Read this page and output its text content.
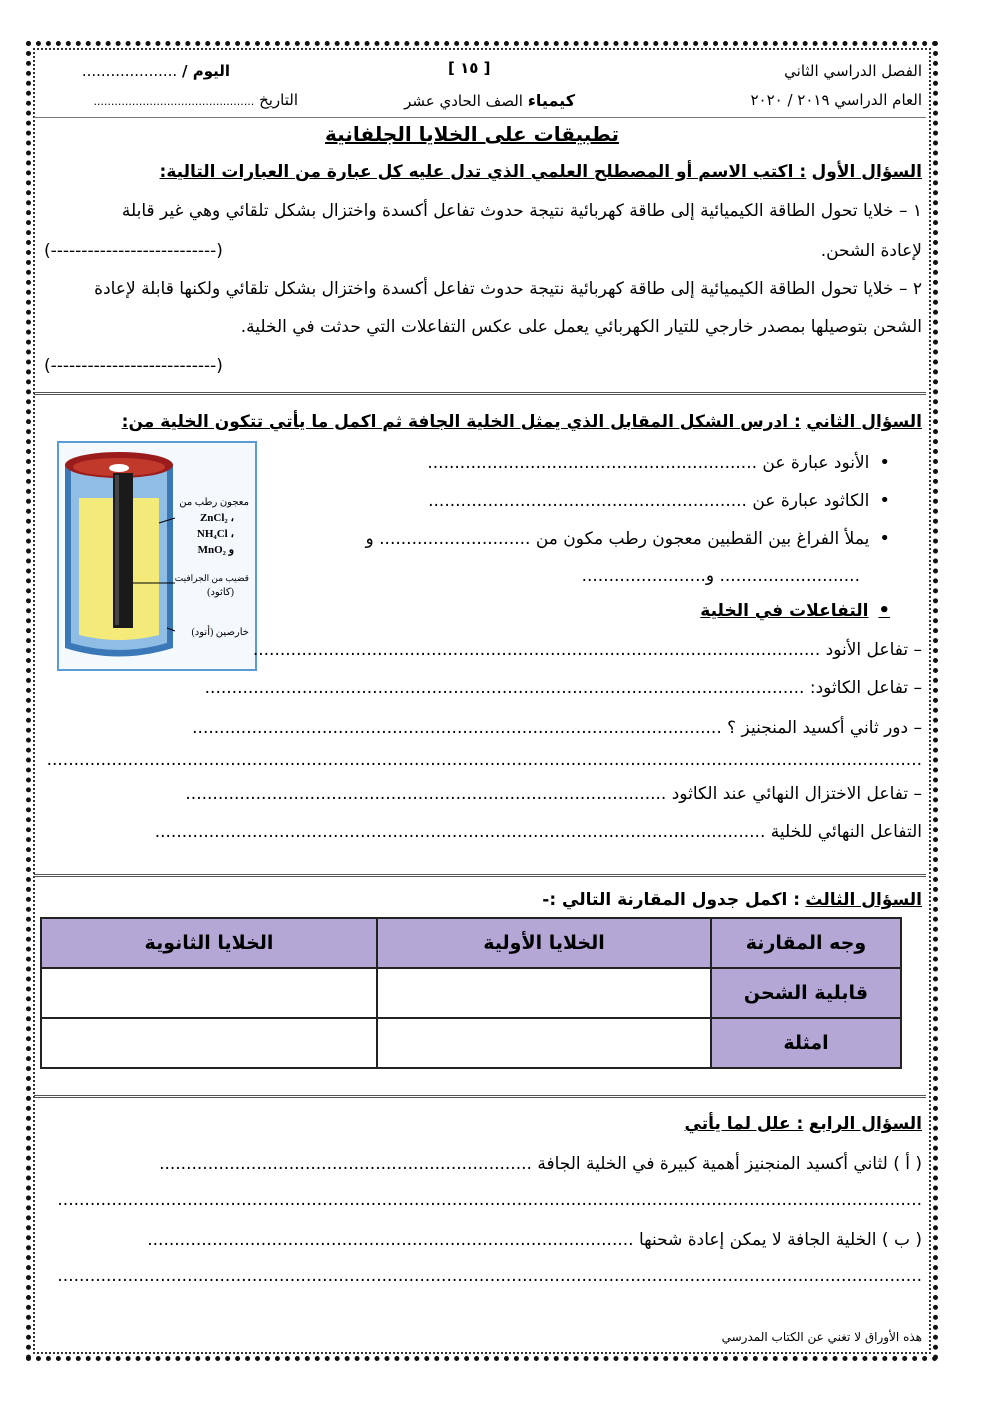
الفصل الدراسي الثاني
العام الدراسي ٢٠١٩ / ٢٠٢٠
[ ١٥ ]
كيمياء الصف الحادي عشر
اليوم / ....................
التاريخ ..............................................
تطبيقات على الخلايا الجلفانية
السؤال الأول : اكتب الاسم أو المصطلح العلمي الذي تدل عليه كل عبارة من العبارات التالية:
١ – خلايا تحول الطاقة الكيميائية إلى طاقة كهربائية نتيجة حدوث تفاعل أكسدة واختزال بشكل تلقائي وهي غير قابلة
لإعادة الشحن.
(---------------------------)
٢ – خلايا تحول الطاقة الكيميائية إلى طاقة كهربائية نتيجة حدوث تفاعل أكسدة واختزال بشكل تلقائي ولكنها قابلة لإعادة
الشحن بتوصيلها بمصدر خارجي للتيار الكهربائي يعمل على عكس التفاعلات التي حدثت في الخلية.
(---------------------------)
السؤال الثاني : ادرس الشكل المقابل الذي يمثل الخلية الجافة ثم اكمل ما يأتي تتكون الخلية من:
معجون رطب من
ZnCl₂ ،
NH₄Cl ،
MnO₂ و
قضيب من الجرافيت
(كاثود)
خارصين (أنود)
• الأنود عبارة عن .............................................................
• الكاثود عبارة عن ...........................................................
• يملأ الفراغ بين القطبين معجون رطب مكون من ............................ و
.......................... و.......................
• التفاعلات في الخلية
– تفاعل الأنود .........................................................................................................
– تفاعل الكاثود: ...............................................................................................................
– دور ثاني أكسيد المنجنيز ؟ ..................................................................................................
..................................................................................................................................................................
– تفاعل الاختزال النهائي عند الكاثود .........................................................................................
التفاعل النهائي للخلية .................................................................................................................
السؤال الثالث : اكمل جدول المقارنة التالي :-
وجه المقارنة	الخلايا الأولية	الخلايا الثانوية
قابلية الشحن		
امثلة		
السؤال الرابع : علل لما يأتي
( أ ) لثاني أكسيد المنجنيز أهمية كبيرة في الخلية الجافة .....................................................................
................................................................................................................................................................
( ب ) الخلية الجافة لا يمكن إعادة شحنها ..........................................................................................
................................................................................................................................................................
هذه الأوراق لا تغني عن الكتاب المدرسي
